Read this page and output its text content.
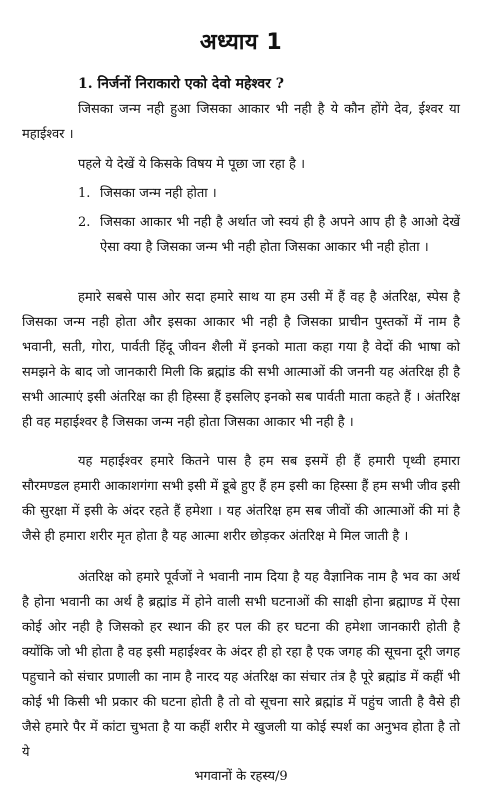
अध्याय 1
1. निर्जनों निराकारो एको देवो महेश्वर ?
जिसका जन्म नही हुआ जिसका आकार भी नही है ये कौन होंगे देव, ईश्वर या महाईश्वर ।
पहले ये देखें ये किसके विषय मे पूछा जा रहा है ।
1. जिसका जन्म नही होता ।
2. जिसका आकार भी नही है अर्थात जो स्वयं ही है अपने आप ही है आओ देखें ऐसा क्या है जिसका जन्म भी नही होता जिसका आकार भी नही होता ।
हमारे सबसे पास ओर सदा हमारे साथ या हम उसी में हैं वह है अंतरिक्ष, स्पेस है जिसका जन्म नही होता और इसका आकार भी नही है जिसका प्राचीन पुस्तकों में नाम है भवानी, सती, गोरा, पार्वती हिंदू जीवन शैली में इनको माता कहा गया है वेदों की भाषा को समझने के बाद जो जानकारी मिली कि ब्रह्मांड की सभी आत्माओं की जननी यह अंतरिक्ष ही है सभी आत्माएं इसी अंतरिक्ष का ही हिस्सा हैं इसलिए इनको सब पार्वती माता कहते हैं । अंतरिक्ष ही वह महाईश्वर है जिसका जन्म नही होता जिसका आकार भी नही है ।
यह महाईश्वर हमारे कितने पास है हम सब इसमें ही हैं हमारी पृथ्वी हमारा सौरमण्डल हमारी आकाशगंगा सभी इसी में डूबे हुए हैं हम इसी का हिस्सा हैं हम सभी जीव इसी की सुरक्षा में इसी के अंदर रहते हैं हमेशा । यह अंतरिक्ष हम सब जीवों की आत्माओं की मां है जैसे ही हमारा शरीर मृत होता है यह आत्मा शरीर छोड़कर अंतरिक्ष मे मिल जाती है ।
अंतरिक्ष को हमारे पूर्वजों ने भवानी नाम दिया है यह वैज्ञानिक नाम है भव का अर्थ है होना भवानी का अर्थ है ब्रह्मांड में होने वाली सभी घटनाओं की साक्षी होना ब्रह्माण्ड में ऐसा कोई ओर नही है जिसको हर स्थान की हर पल की हर घटना की हमेशा जानकारी होती है क्योंकि जो भी होता है वह इसी महाईश्वर के अंदर ही हो रहा है एक जगह की सूचना दूरी जगह पहुचाने को संचार प्रणाली का नाम है नारद यह अंतरिक्ष का संचार तंत्र है पूरे ब्रह्मांड में कहीं भी कोई भी किसी भी प्रकार की घटना होती है तो वो सूचना सारे ब्रह्मांड में पहुंच जाती है वैसे ही जैसे हमारे पैर में कांटा चुभता है या कहीं शरीर मे खुजली या कोई स्पर्श का अनुभव होता है तो ये
भगवानों के रहस्य/9
